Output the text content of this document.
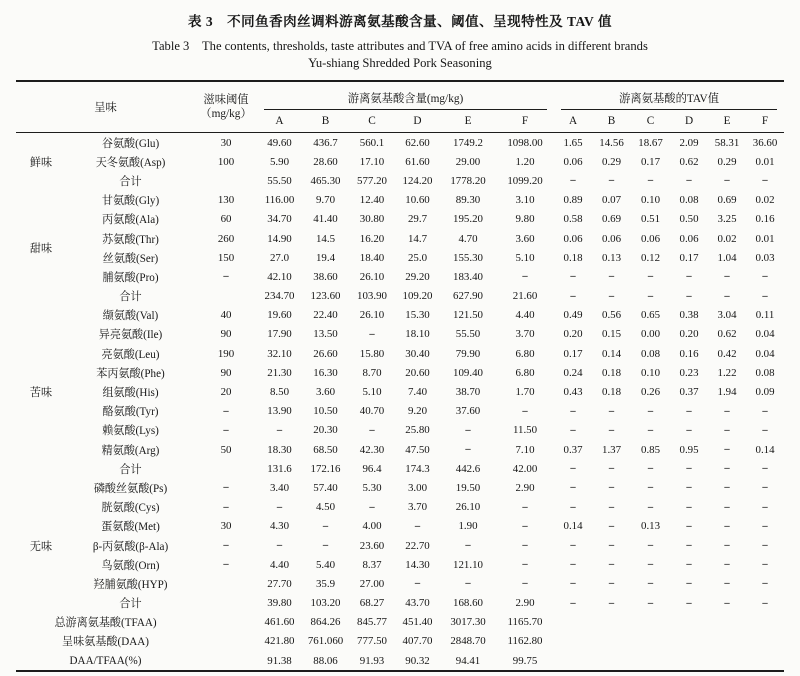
表 3　不同鱼香肉丝调料游离氨基酸含量、阈值、呈现特性及 TAV 值
Table 3　The contents, thresholds, taste attributes and TVA of free amino acids in different brands
Yu-shiang Shredded Pork Seasoning
呈味		滋味阈值
（mg/kg）	游离氨基酸含量(mg/kg)						游离氨基酸的TAV值					

			A	B	C	D	E	F	A	B	C	D	E	F
鲜味	谷氨酸(Glu)	30	49.60	436.7	560.1	62.60	1749.2	1098.00	1.65	14.56	18.67	2.09	58.31	36.60
	天冬氨酸(Asp)	100	5.90	28.60	17.10	61.60	29.00	1.20	0.06	0.29	0.17	0.62	0.29	0.01
	合计		55.50	465.30	577.20	124.20	1778.20	1099.20	–	–	–	–	–	–
甜味	甘氨酸(Gly)	130	116.00	9.70	12.40	10.60	89.30	3.10	0.89	0.07	0.10	0.08	0.69	0.02
	丙氨酸(Ala)	60	34.70	41.40	30.80	29.7	195.20	9.80	0.58	0.69	0.51	0.50	3.25	0.16
	苏氨酸(Thr)	260	14.90	14.5	16.20	14.7	4.70	3.60	0.06	0.06	0.06	0.06	0.02	0.01
	丝氨酸(Ser)	150	27.0	19.4	18.40	25.0	155.30	5.10	0.18	0.13	0.12	0.17	1.04	0.03
	脯氨酸(Pro)	–	42.10	38.60	26.10	29.20	183.40	–	–	–	–	–	–	–
	合计		234.70	123.60	103.90	109.20	627.90	21.60	–	–	–	–	–	–
苦味	缬氨酸(Val)	40	19.60	22.40	26.10	15.30	121.50	4.40	0.49	0.56	0.65	0.38	3.04	0.11
	异亮氨酸(Ile)	90	17.90	13.50	–	18.10	55.50	3.70	0.20	0.15	0.00	0.20	0.62	0.04
	亮氨酸(Leu)	190	32.10	26.60	15.80	30.40	79.90	6.80	0.17	0.14	0.08	0.16	0.42	0.04
	苯丙氨酸(Phe)	90	21.30	16.30	8.70	20.60	109.40	6.80	0.24	0.18	0.10	0.23	1.22	0.08
	组氨酸(His)	20	8.50	3.60	5.10	7.40	38.70	1.70	0.43	0.18	0.26	0.37	1.94	0.09
	酪氨酸(Tyr)	–	13.90	10.50	40.70	9.20	37.60	–	–	–	–	–	–	–
	赖氨酸(Lys)	–	–	20.30	–	25.80	–	11.50	–	–	–	–	–	–
	精氨酸(Arg)	50	18.30	68.50	42.30	47.50	–	7.10	0.37	1.37	0.85	0.95	–	0.14
	合计		131.6	172.16	96.4	174.3	442.6	42.00	–	–	–	–	–	–
无味	磷酸丝氨酸(Ps)	–	3.40	57.40	5.30	3.00	19.50	2.90	–	–	–	–	–	–
	胱氨酸(Cys)	–	–	4.50	–	3.70	26.10	–	–	–	–	–	–	–
	蛋氨酸(Met)	30	4.30	–	4.00	–	1.90	–	0.14	–	0.13	–	–	–
	β-丙氨酸(β-Ala)	–	–	–	23.60	22.70	–	–	–	–	–	–	–	–
	鸟氨酸(Orn)	–	4.40	5.40	8.37	14.30	121.10	–	–	–	–	–	–	–
	羟脯氨酸(HYP)		27.70	35.9	27.00	–	–	–	–	–	–	–	–	–
	合计		39.80	103.20	68.27	43.70	168.60	2.90	–	–	–	–	–	–
总游离氨基酸(TFAA)			461.60	864.26	845.77	451.40	3017.30	1165.70						
呈味氨基酸(DAA)			421.80	761.060	777.50	407.70	2848.70	1162.80						
DAA/TFAA(%)			91.38	88.06	91.93	90.32	94.41	99.75						
